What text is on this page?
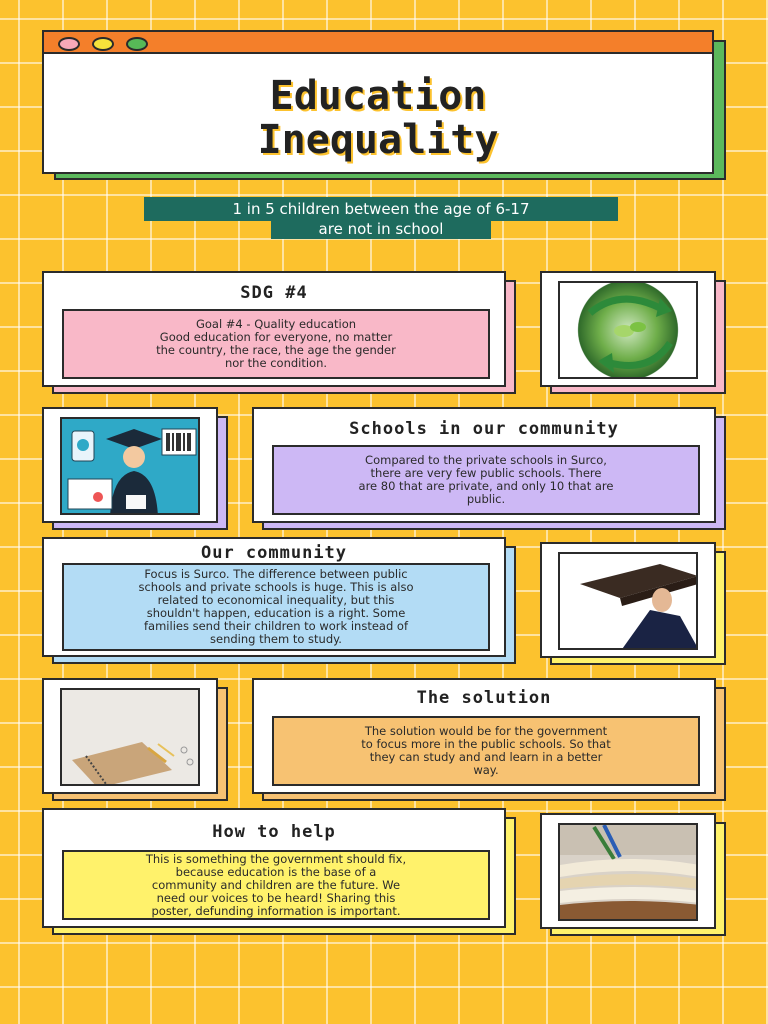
Education
Inequality
1 in 5 children between the age of 6-17
are not in school
SDG #4
Goal #4 - Quality education
Good education for everyone, no matter
the country, the race, the age the gender
nor the condition.
Schools in our community
Compared to the private schools in Surco,
there are very few public schools. There
are 80 that are private, and only 10 that are
public.
Our community
Focus is Surco. The difference between public
schools and private schools is huge. This is also
related to economical inequality, but this
shouldn't happen, education is a right. Some
families send their children to work instead of
sending them to study.
The solution
The solution would be for the government
to focus more in the public schools. So that
they can study and and learn in a better
way.
How to help
This is something the government should fix,
because education is the base of a
community and children are the future. We
need our voices to be heard! Sharing this
poster, defunding information is important.
